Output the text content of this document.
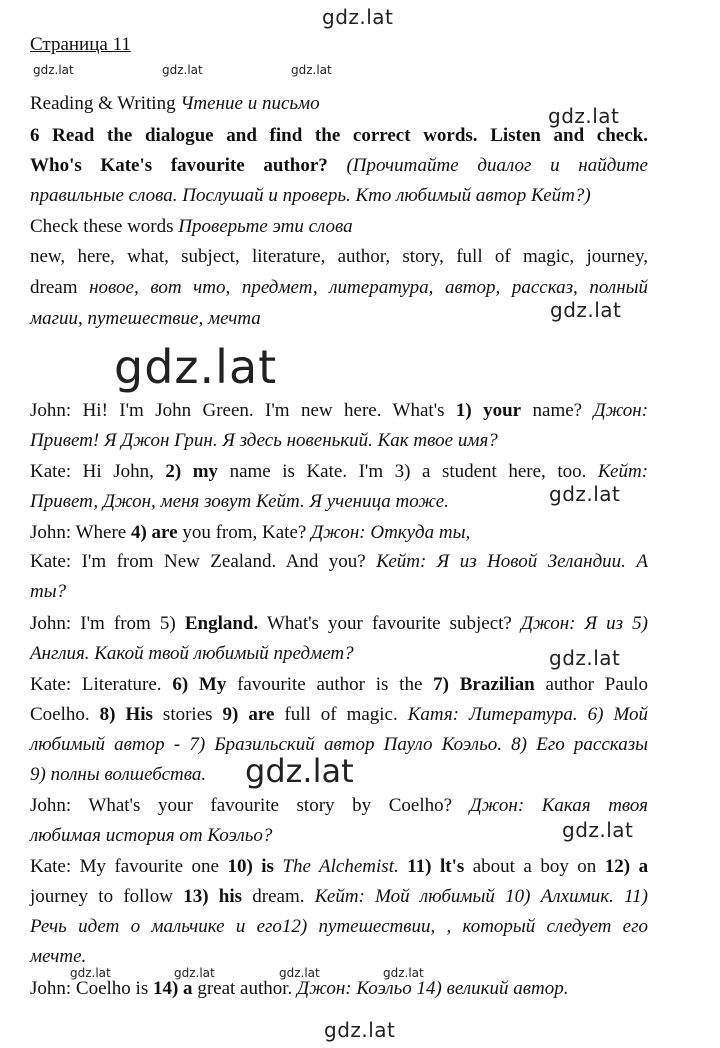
gdz.lat
gdz.lat	gdz.lat	gdz.lat
gdz.lat
gdz.lat
gdz.lat
gdz.lat
gdz.lat
gdz.lat
gdz.lat
gdz.lat	gdz.lat	gdz.lat	gdz.lat
gdz.lat
Страница 11
Reading & Writing Чтение и письмо
6 Read the dialogue and find the correct words. Listen and check.
Who's Kate's favourite author? (Прочитайте диалог и найдите
правильные слова. Послушай и проверь. Кто любимый автор Кейт?)
Check these words Проверьте эти слова
new, here, what, subject, literature, author, story, full of magic, journey,
dream новое, вот что, предмет, литература, автор, рассказ, полный
магии, путешествие, мечта
John: Hi! I'm John Green. I'm new here. What's 1) your name? Джон:
Привет! Я Джон Грин. Я здесь новенький. Как твое имя?
Kate: Hi John, 2) my name is Kate. I'm 3) a student here, too. Кейт:
Привет, Джон, меня зовут Кейт. Я ученица тоже.
John: Where 4) are you from, Kate? Джон: Откуда ты,
Kate: I'm from New Zealand. And you? Кейт: Я из Новой Зеландии. А
ты?
John: I'm from 5) England. What's your favourite subject? Джон: Я из 5)
Англия. Какой твой любимый предмет?
Kate: Literature. 6) My favourite author is the 7) Brazilian author Paulo
Coelho. 8) His stories 9) are full of magic. Катя: Литература. 6) Мой
любимый автор - 7) Бразильский автор Пауло Коэльо. 8) Его рассказы
9) полны волшебства.
John: What's your favourite story by Coelho? Джон: Какая твоя
любимая история от Коэльо?
Kate: My favourite one 10) is The Alchemist. 11) lt's about a boy on 12) a
journey to follow 13) his dream. Кейт: Мой любимый 10) Алхимик. 11)
Речь идет о мальчике и его12) путешествии, , который следует его
мечте.
John: Coelho is 14) a great author. Джон: Коэльо 14) великий автор.
